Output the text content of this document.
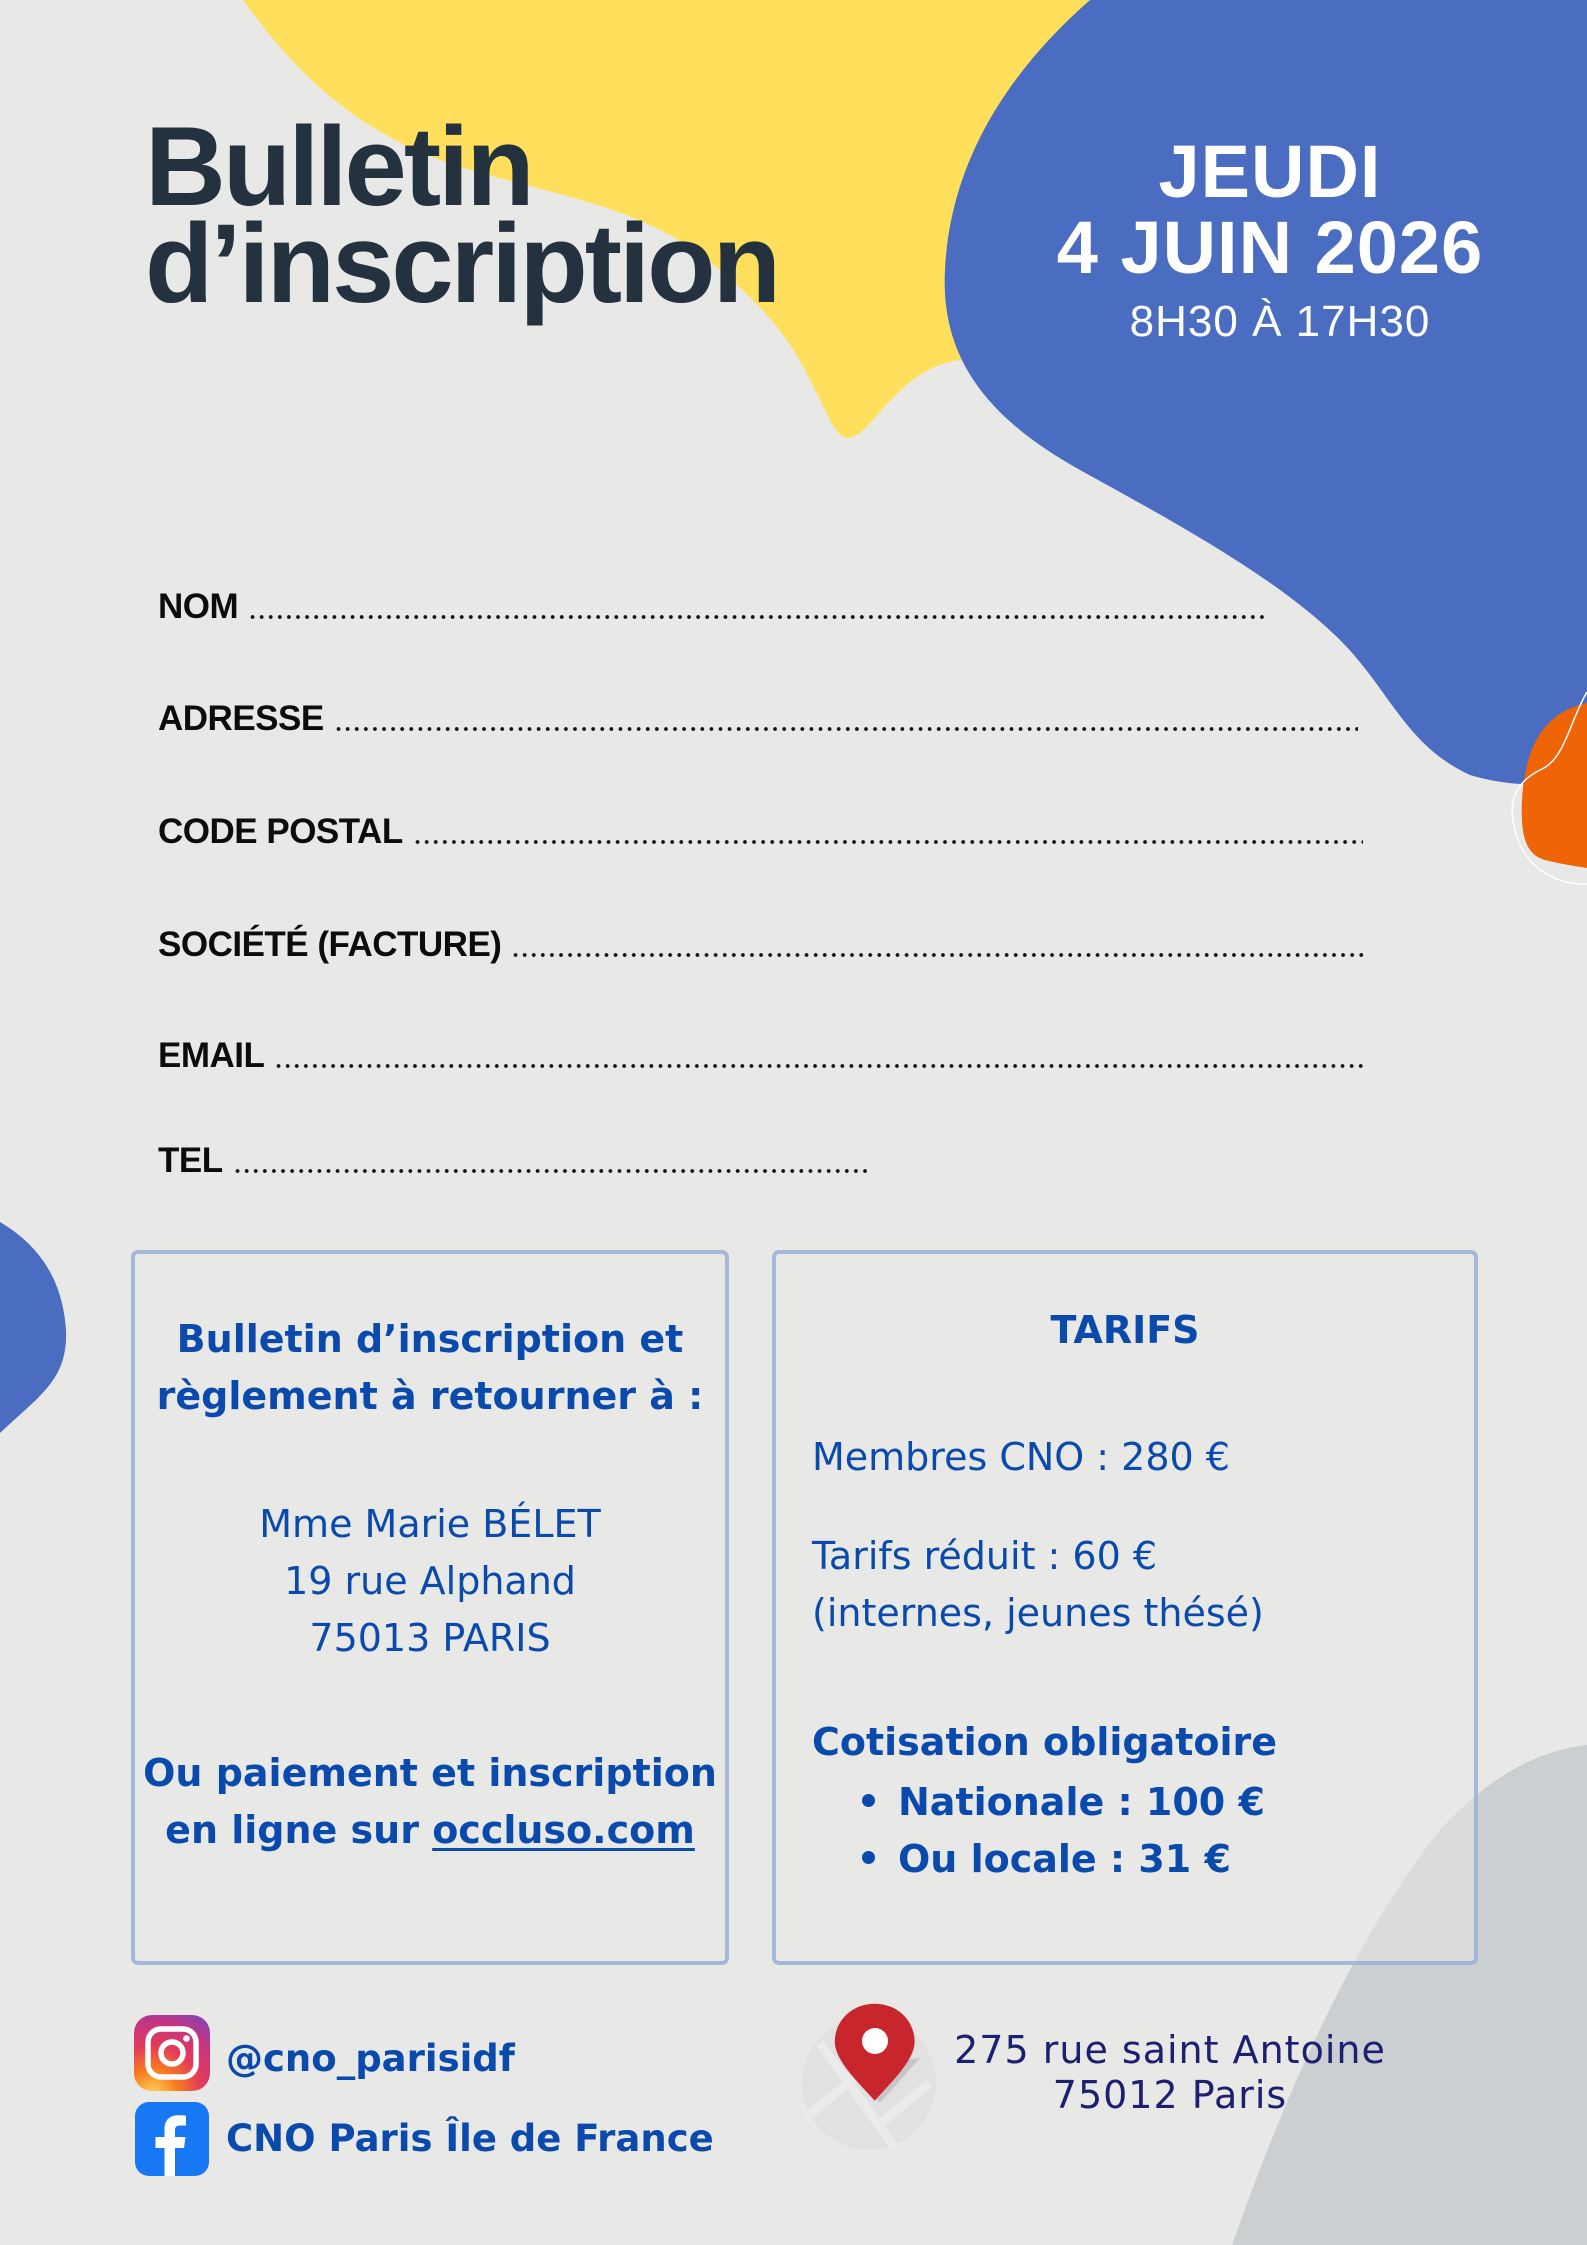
Bulletin
d’inscription
JEUDI
4 JUIN 2026
8H30 À 17H30
NOM
ADRESSE
CODE POSTAL
SOCIÉTÉ (FACTURE)
EMAIL
TEL
Bulletin d’inscription et
règlement à retourner à :
Mme Marie BÉLET
19 rue Alphand
75013 PARIS
Ou paiement et inscription
en ligne sur occluso.com
TARIFS
Membres CNO : 280 €
Tarifs réduit : 60 €
(internes, jeunes thésé)
Cotisation obligatoire
Nationale : 100 €
Ou locale : 31 €
@cno_parisidf
CNO Paris Île de France
275 rue saint Antoine
75012 Paris
